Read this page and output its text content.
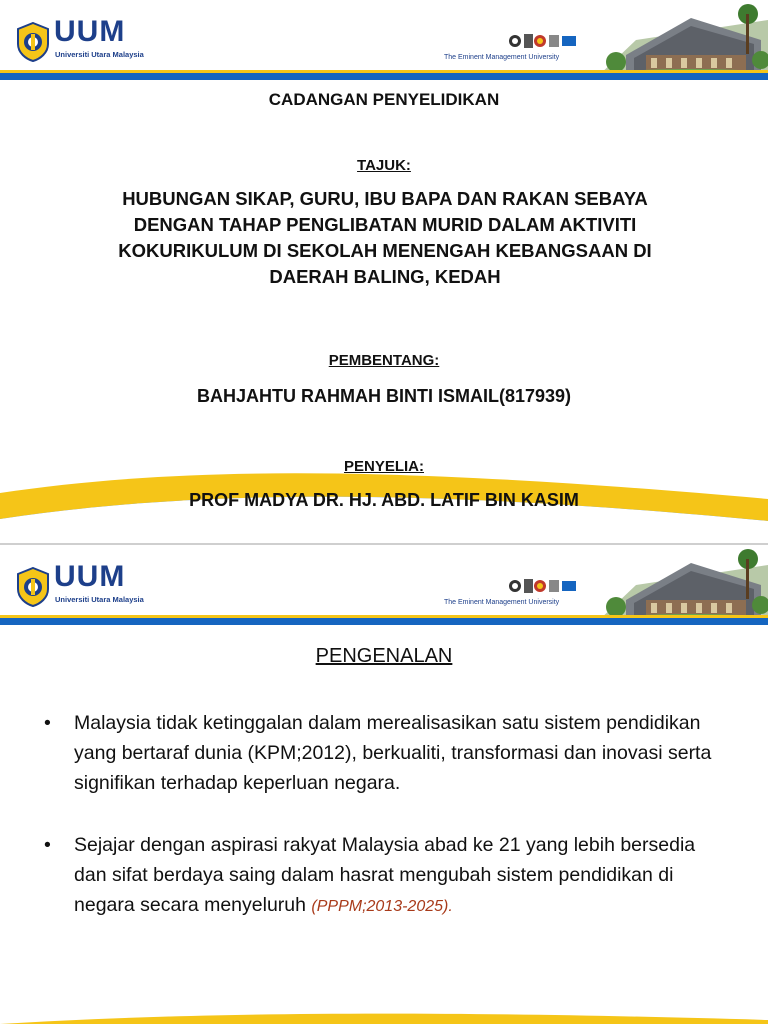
UUM
Universiti Utara Malaysia	The Eminent Management University
CADANGAN PENYELIDIKAN
TAJUK:
HUBUNGAN SIKAP, GURU, IBU BAPA DAN RAKAN SEBAYA
DENGAN TAHAP PENGLIBATAN MURID DALAM AKTIVITI
KOKURIKULUM DI SEKOLAH MENENGAH KEBANGSAAN DI
DAERAH BALING, KEDAH
PEMBENTANG:
BAHJAHTU RAHMAH BINTI ISMAIL(817939)
PENYELIA:
PROF MADYA DR. HJ. ABD. LATIF BIN KASIM
UUM
Universiti Utara Malaysia	The Eminent Management University
PENGENALAN
• Malaysia tidak ketinggalan dalam merealisasikan satu sistem pendidikan yang bertaraf dunia (KPM;2012), berkualiti, transformasi dan inovasi serta signifikan terhadap keperluan negara.
• Sejajar dengan aspirasi rakyat Malaysia abad ke 21 yang lebih bersedia dan sifat berdaya saing dalam hasrat mengubah sistem pendidikan di negara secara menyeluruh (PPPM;2013-2025).
